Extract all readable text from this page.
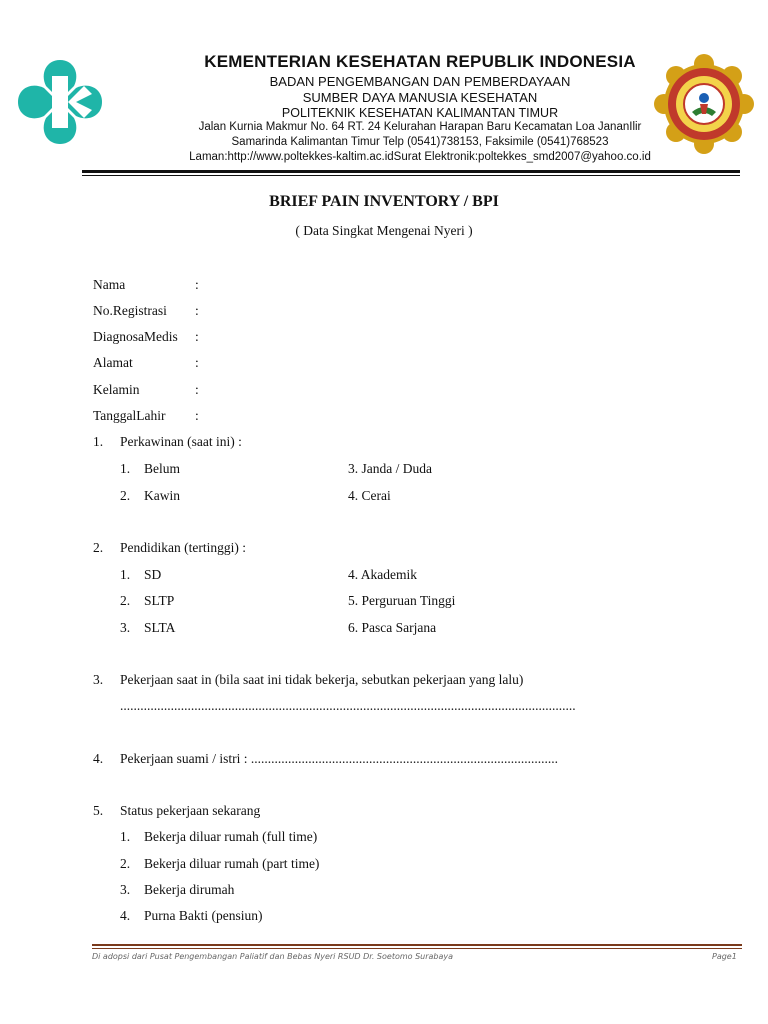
KEMENTERIAN KESEHATAN REPUBLIK INDONESIA
BADAN PENGEMBANGAN DAN PEMBERDAYAAN
SUMBER DAYA MANUSIA KESEHATAN
POLITEKNIK KESEHATAN KALIMANTAN TIMUR
Jalan Kurnia Makmur No. 64 RT. 24 Kelurahan Harapan Baru Kecamatan Loa JananIlir
Samarinda Kalimantan Timur Telp (0541)738153, Faksimile (0541)768523
Laman:http://www.poltekkes-kaltim.ac.idSurat Elektronik:poltekkes_smd2007@yahoo.co.id
BRIEF PAIN INVENTORY / BPI
( Data Singkat Mengenai Nyeri )
Nama	:
No.Registrasi :
DiagnosaMedis :
Alamat	:
Kelamin	:
TanggalLahir :
1. Perkawinan (saat ini) :
1. Belum	3. Janda / Duda
2. Kawin	4. Cerai
2. Pendidikan (tertinggi) :
1. SD	4. Akademik
2. SLTP	5. Perguruan Tinggi
3. SLTA	6. Pasca Sarjana
3. Pekerjaan saat in (bila saat ini tidak bekerja, sebutkan pekerjaan yang lalu)
.......................................................................................................................................
4. Pekerjaan suami / istri : ...........................................................................................
5. Status pekerjaan sekarang
1. Bekerja diluar rumah (full time)
2. Bekerja diluar rumah (part time)
3. Bekerja dirumah
4. Purna Bakti (pensiun)
Di adopsi dari Pusat Pengembangan Paliatif dan Bebas Nyeri RSUD Dr. Soetomo Surabaya	Page1
